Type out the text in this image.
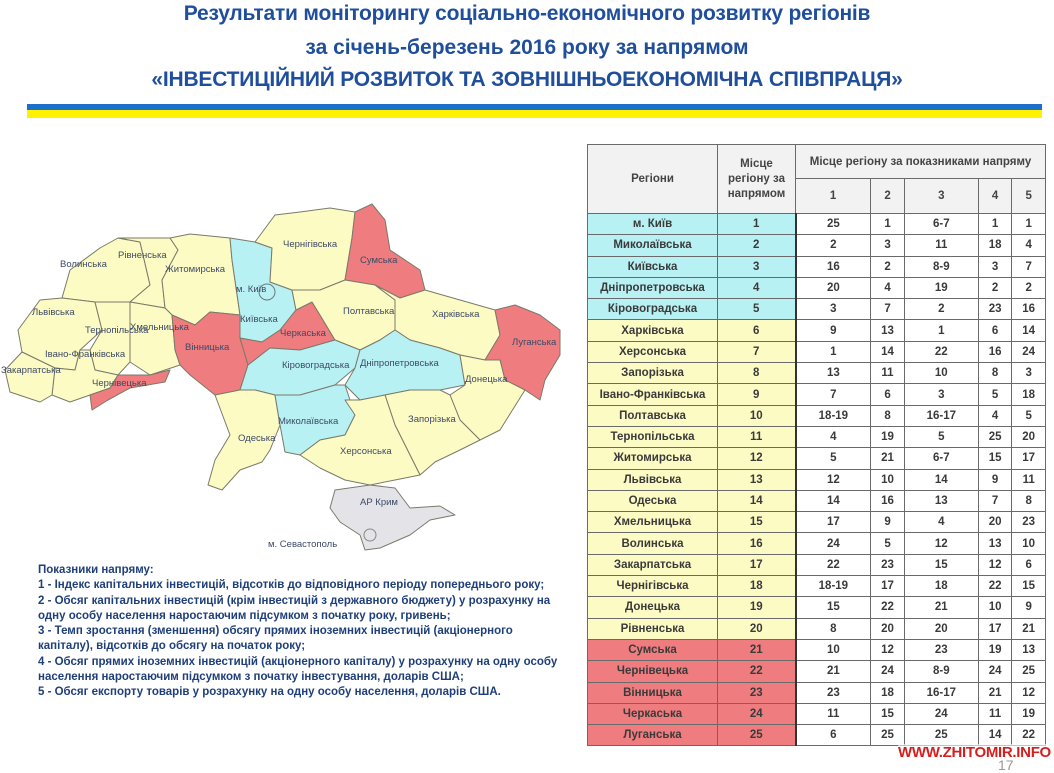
Результати моніторингу соціально-економічного розвитку регіонів
за січень-березень 2016 року за напрямом
«ІНВЕСТИЦІЙНИЙ РОЗВИТОК ТА ЗОВНІШНЬОЕКОНОМІЧНА СПІВПРАЦЯ»
Волинська
Рівненська
Житомирська
Чернігівська
Сумська
м. Київ
Київська
Львівська
Хмельницька
Тернопільська
Івано-Франківська
Закарпатська
Чернівецька
Вінницька
Черкаська
Полтавська	Харківська
Луганська
Кіровоградська Дніпропетровська
Донецька
Одеська
Миколаївська	Запорізька
Херсонська
АР Крим
м. Севастополь
Показники напряму:
1 - Індекс капітальних інвестицій, відсотків до відповідного періоду попереднього року;
2 - Обсяг капітальних інвестицій (крім інвестицій з державного бюджету) у розрахунку на одну особу населення наростаючим підсумком з початку року, гривень;
3 - Темп зростання (зменшення) обсягу прямих іноземних інвестицій (акціонерного капіталу), відсотків до обсягу на початок року;
4 - Обсяг прямих іноземних інвестицій (акціонерного капіталу) у розрахунку на одну особу населення наростаючим підсумком з початку інвестування, доларів США;
5 - Обсяг експорту товарів у розрахунку на одну особу населення, доларів США.
Регіони	Місце регіону за напрямом	Місце регіону за показниками напряму
1	2	3	4	5
м. Київ	1	25	1	6-7	1	1
Миколаївська	2	2	3	11	18	4
Київська	3	16	2	8-9	3	7
Дніпропетровська	4	20	4	19	2	2
Кіровоградська	5	3	7	2	23	16
Харківська	6	9	13	1	6	14
Херсонська	7	1	14	22	16	24
Запорізька	8	13	11	10	8	3
Івано-Франківська	9	7	6	3	5	18
Полтавська	10	18-19	8	16-17	4	5
Тернопільська	11	4	19	5	25	20
Житомирська	12	5	21	6-7	15	17
Львівська	13	12	10	14	9	11
Одеська	14	14	16	13	7	8
Хмельницька	15	17	9	4	20	23
Волинська	16	24	5	12	13	10
Закарпатська	17	22	23	15	12	6
Чернігівська	18	18-19	17	18	22	15
Донецька	19	15	22	21	10	9
Рівненська	20	8	20	20	17	21
Сумська	21	10	12	23	19	13
Чернівецька	22	21	24	8-9	24	25
Вінницька	23	23	18	16-17	21	12
Черкаська	24	11	15	24	11	19
Луганська	25	6	25	25	14	22
WWW.ZHITOMIR.INFO
17
